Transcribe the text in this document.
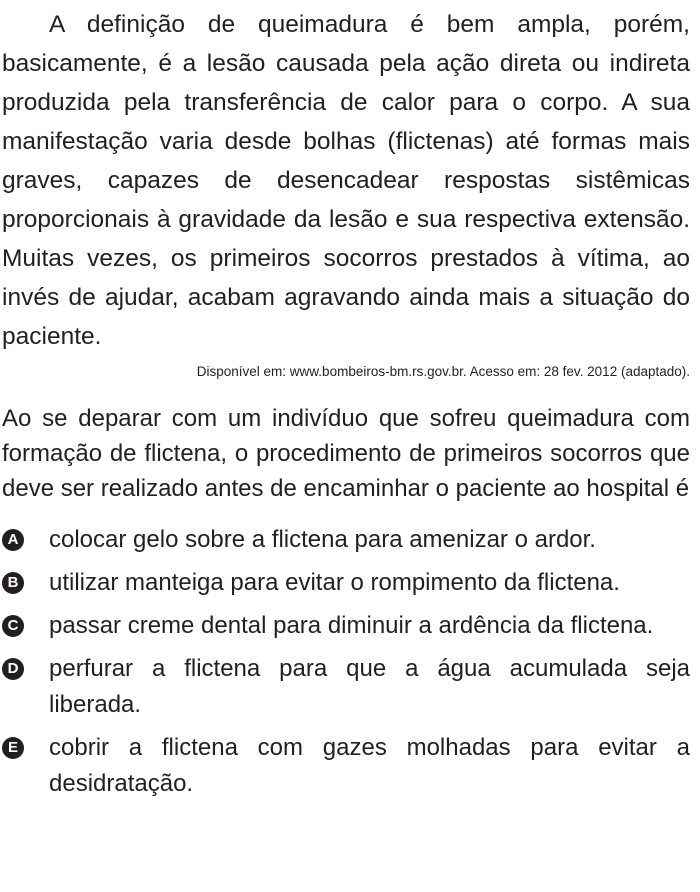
A definição de queimadura é bem ampla, porém, basicamente, é a lesão causada pela ação direta ou indireta produzida pela transferência de calor para o corpo. A sua manifestação varia desde bolhas (flictenas) até formas mais graves, capazes de desencadear respostas sistêmicas proporcionais à gravidade da lesão e sua respectiva extensão. Muitas vezes, os primeiros socorros prestados à vítima, ao invés de ajudar, acabam agravando ainda mais a situação do paciente.

Disponível em: www.bombeiros-bm.rs.gov.br. Acesso em: 28 fev. 2012 (adaptado).

Ao se deparar com um indivíduo que sofreu queimadura com formação de flictena, o procedimento de primeiros socorros que deve ser realizado antes de encaminhar o paciente ao hospital é

A colocar gelo sobre a flictena para amenizar o ardor.
B utilizar manteiga para evitar o rompimento da flictena.
C passar creme dental para diminuir a ardência da flictena.
D perfurar a flictena para que a água acumulada seja liberada.
E cobrir a flictena com gazes molhadas para evitar a desidratação.
